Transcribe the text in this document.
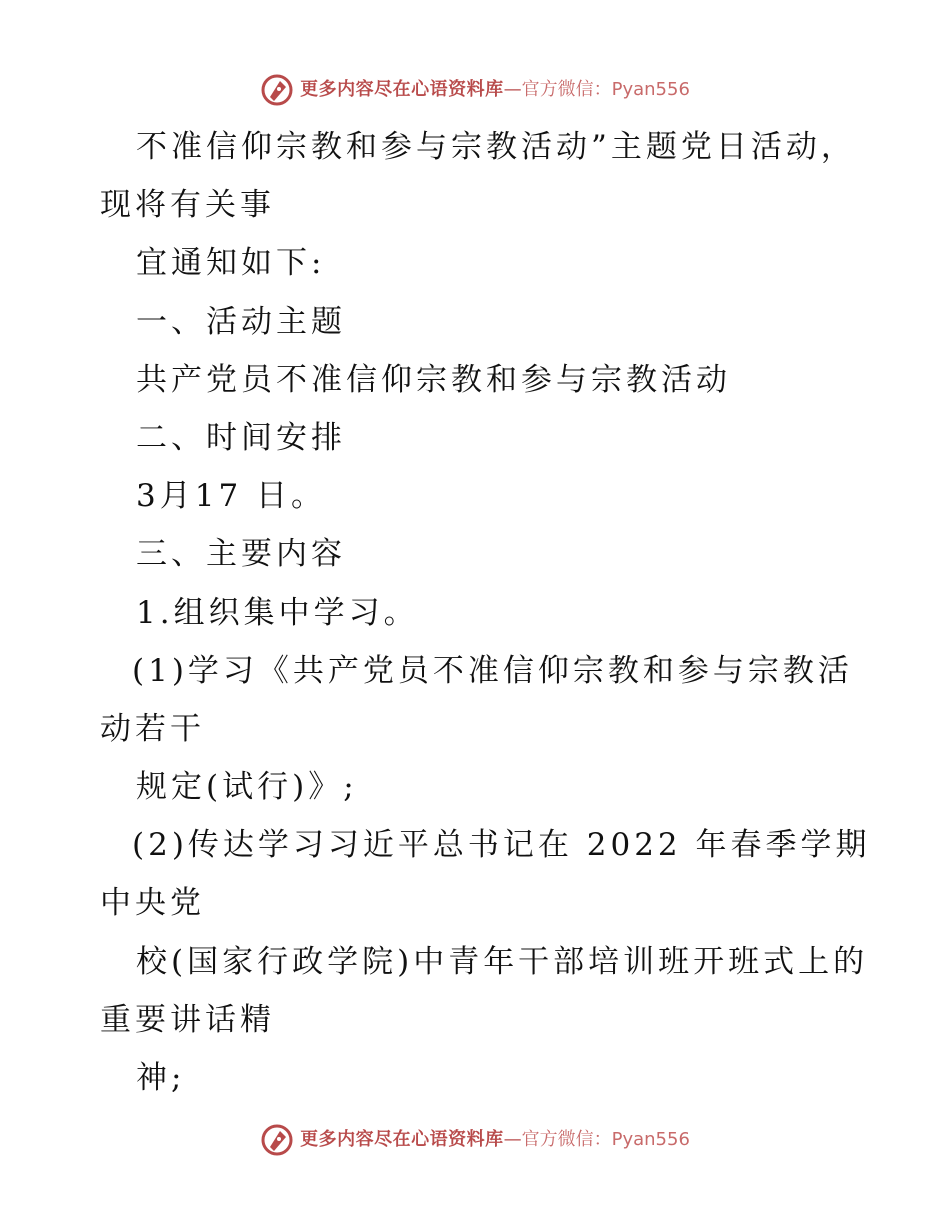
更多内容尽在心语资料库 — 官方微信：Pyan556
不准信仰宗教和参与宗教活动”主题党日活动，
现将有关事
宜通知如下:
一、活动主题
共产党员不准信仰宗教和参与宗教活动
二、时间安排
3月17 日。
三、主要内容
1.组织集中学习。
(1)学习《共产党员不准信仰宗教和参与宗教活
动若干
规定(试行)》;
(2)传达学习习近平总书记在 2022 年春季学期
中央党
校(国家行政学院)中青年干部培训班开班式上的
重要讲话精
神;
更多内容尽在心语资料库 — 官方微信：Pyan556
